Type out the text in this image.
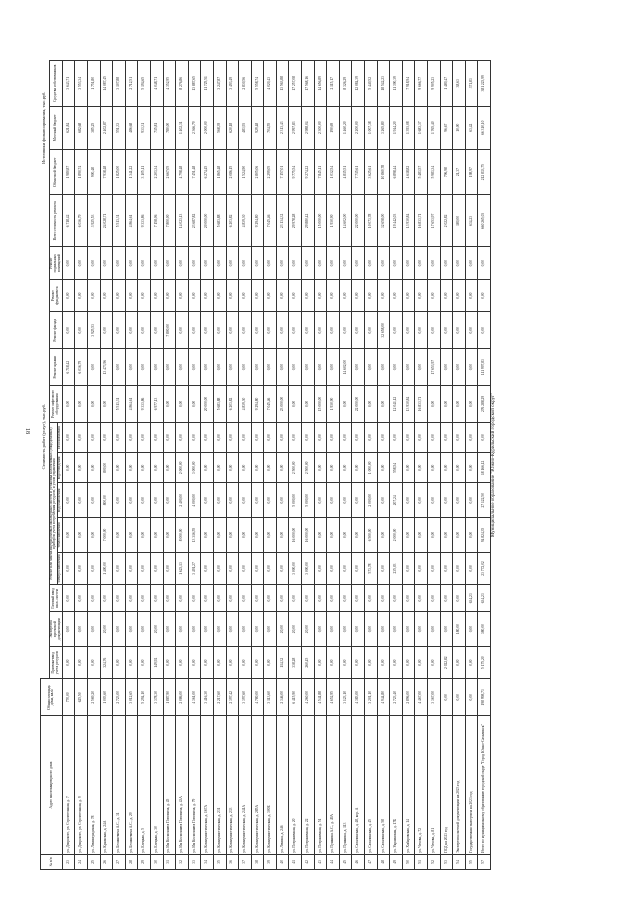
18
№ п/п	Адрес многоквартирного дома	Общая площадь дома, кв.м	Стоимость работ (услуг), тыс.руб.														Источники финансирования, тыс.руб.		
			Приемка-ввод учета ресурсов	Экспертиза проектной документации	Газовый ввод инж. систем	Ремонт или замена внутридомовых инженерных систем и установка коллективных (общедомовых) приборов учета потребления ресурсов, и узлов управления					Ремонт лифтового оборудования	Ремонт крыши	Ремонт фасада	Ремонт фундамента	Ремонт подвальных помещений	Всего стоимость ремонта	Областной бюджет	Местный бюджет	Средства собственников
						электроснабжения	теплоснабжения	водоснабжения	водоотведения	газоснабжения									
23	ул. Дзирского, ул. Строительная, д. 7	770,00	0,00	0,00	0,00	0,00	0,00	0,00	0,00	0,00	0,00	6 718,42	0,00	0,00	0,00	6 718,42	1 980,87	621,84	3 643,71
24	ул. Дзирского, ул. Строительная, д. 9	625,50	0,00	0,00	0,00	0,00	0,00	0,00	0,00	0,00	0,00	6 036,79	0,00	0,00	0,00	6 036,79	1 890,74	682,68	3 553,34
25	ул. Ленинградская, д. 78	2 569,20	0,00	0,00	0,00	0,00	0,00	0,00	0,00	0,00	0,00	0,00	3 925,53	0,00	0,00	3 925,53	900,48	385,25	1 751,80
26	ул. Крымская, д. 24А	1 003,60	324,76	20,00	0,00	1 400,00	7 000,00	800,00	800,00	0,00	0,00	13 473,96	0,00	0,00	0,00	24 028,71	7 938,48	2 402,87	14 087,45
27	ул. Беляшевича А.С., д. 31	2 723,00	0,00	0,00	0,00	0,00	0,00	0,00	0,00	0,00	5 513,31	0,00	0,00	0,00	0,00	5 513,31	1 825,00	551,33	3 107,88
28	ул. Беляшевича А.С., д. 29	3 012,65	0,00	0,00	0,00	0,00	0,00	0,00	0,00	0,00	4 864,61	0,00	0,00	0,00	0,00	4 864,61	1 341,22	486,68	2 712,51
29	ул. Елецкая, д. 5	5 294,10	0,00	0,00	0,00	0,00	0,00	0,00	0,00	0,00	9 333,86	0,00	0,00	0,00	0,00	9 333,86	3 105,11	933,31	5 194,65
30	ул. Елецкая, д. 30	3 378,30	149,92	20,00	0,00	0,00	0,00	0,00	0,00	0,00	6 977,13	0,00	0,00	0,00	0,00	7 158,06	2 203,34	715,81	4 048,71
31	ул. Им Космонавта Поповича, д. 45	1 887,90	0,00	0,00	0,00	0,00	0,00	0,00	0,00	0,00	0,00	0,00	7 800,00	0,00	0,00	7 800,00	2 667,05	780,00	4 352,95
32	ул. Им Космонавта Поповича, д. 43А	2 086,00	0,00	0,00	0,00	1 623,13	8 000,00	2 400,00	2 000,00	0,00	0,00	0,00	0,00	0,00	0,00	14 023,13	4 798,48	1 402,31	8 276,86
33	ул. Им Космонавта Поповича, д. 79	4 361,00	0,00	0,00	0,00	3 491,27	13 316,55	4 000,00	3 000,00	0,00	0,00	0,00	0,00	0,00	0,00	23 687,82	7 451,48	2 366,79	13 887,65
34	ул. Коммунистическая, д. 167А	3 416,30	0,00	0,00	0,00	0,00	0,00	0,00	0,00	0,00	20 000,00	0,00	0,00	0,00	0,00	20 000,00	6 274,45	2 000,00	11 725,51
35	ул. Коммунистическая, д. 231	2 217,60	0,00	0,00	0,00	0,00	0,00	0,00	0,00	0,00	5 683,88	0,00	0,00	0,00	0,00	5 683,88	1 865,48	568,39	3 247,87
36	ул. Коммунистическая, д. 233	2 397,42	0,00	0,00	0,00	0,00	0,00	0,00	0,00	0,00	6 203,82	0,00	0,00	0,00	0,00	6 203,82	2 086,15	620,18	3 493,49
37	ул. Коммунистическая, д. 241А	3 397,60	0,00	0,00	0,00	0,00	0,00	0,00	0,00	0,00	4 839,30	0,00	0,00	0,00	0,00	4 839,30	1 524,90	483,93	2 830,56
38	ул. Коммунистическая, д. 285А	4 780,00	0,00	0,00	0,00	0,00	0,00	0,00	0,00	0,00	9 294,80	0,00	0,00	0,00	0,00	9 294,80	2 805,06	929,48	5 558,74
39	ул. Коммунистическая, д. 300Б	3 113,60	0,00	0,00	0,00	0,00	0,00	0,00	0,00	0,00	7 045,46	0,00	0,00	0,00	0,00	7 045,46	2 299,05	704,55	4 020,43
40	ул. Ленина, д. 246	2 346,00	114,32	20,00	0,00	0,00	0,00	0,00	0,00	0,00	23 000,00	0,00	0,00	0,00	0,00	23 134,32	7 157,01	2 313,43	13 563,88
41	ул. Пограничная, д. 20	6 415,90	338,28	20,00	0,00	3 000,00	16 000,00	5 000,00	2 500,00	0,00	0,00	0,00	0,00	0,00	0,00	29 978,28	9 775,54	2 997,83	17 257,08
42	ул. Пограничная, д. 22	4 260,00	260,45	20,00	0,00	3 000,00	16 000,00	5 000,00	2 500,00	0,00	0,00	0,00	0,00	0,00	0,00	29 880,42	9 274,22	2 988,04	17 568,16
43	ул. Пограничная, д. 51	4 541,88	0,00	0,00	0,00	0,00	0,00	0,00	0,00	0,00	15 000,00	0,00	0,00	0,00	0,00	15 000,00	7 845,11	2 300,00	14 656,89
44	ул. Пушкина А.С., д. 49А	4 652,95	0,00	0,00	0,00	0,00	0,00	0,00	0,00	0,00	1 930,90	0,00	0,00	0,00	0,00	1 930,90	1 032,54	190,69	2 115,17
45	ул. Пушкина, д. 113	3 123,10	0,00	0,00	0,00	0,00	0,00	0,00	0,00	0,00	0,00	14 602,00	0,00	0,00	0,00	14 602,00	4 815,51	1 460,20	8 326,29
46	ул. Сахалинская, д. 48, кор. А	4 383,00	0,00	0,00	0,00	0,00	0,00	0,00	0,00	0,00	22 000,00	0,00	0,00	0,00	0,00	22 000,00	7 715,61	2 200,00	12 084,39
47	ул. Сахалинская, д. 45	3 201,10	0,00	0,00	0,00	573,78	6 500,00	2 000,00	1 000,00	0,00	0,00	0,00	0,00	0,00	0,00	10 073,78	3 625,61	1 007,38	5 440,52
48	ул. Сахалинская, д. 58	4 944,80	0,00	0,00	0,00	0,00	0,00	0,00	0,00	0,00	0,00	0,00	32 658,00	0,00	0,00	32 658,00	10 869,78	3 265,80	18 542,23
49	ул. Украинская, д. 17Б	2 723,40	0,00	0,00	0,00	235,03	2 000,00	207,24	558,54	0,00	12 041,12	0,00	0,00	0,00	0,00	19 442,03	6 898,44	1 944,20	11 390,39
50	ул. Хабаровская, д. 14	2 896,00	0,00	0,00	0,00	0,00	0,00	0,00	0,00	0,00	13 930,84	0,00	0,00	0,00	0,00	13 930,84	4 618,82	1 393,08	7 918,94
51	ул. Чехова, д. 72	4 467,00	0,00	0,00	0,00	0,00	0,00	0,00	0,00	0,00	16 833,71	0,00	0,00	0,00	0,00	16 833,71	5 483,57	1 683,37	9 666,77
52	ул. Чехова, д. 81	3 367,00	0,00	0,00	0,00	0,00	0,00	0,00	0,00	0,00	0,00	17 653,97	0,00	0,00	0,00	17 653,97	5 983,34	1 765,40	9 905,23
53	ПСД на 2023 год	0,00	2 022,82	0,00	0,00	0,00	0,00	0,00	0,00	0,00	0,00	0,00	0,00	0,00	0,00	2 022,82	796,98	96,67	1 480,47
54	Экспертиза сметной документации на 2023 год	0,00	0,00	180,00	0,00	0,00	0,00	0,00	0,00	0,00	0,00	0,00	0,00	0,00	0,00	180,00	21,37	10,00	38,63
55	Государственная экспертиза на 2023 год	0,00	0,00	0,00	634,23	0,00	0,00	0,00	0,00	0,00	0,00	0,00	0,00	0,00	0,00	634,23	198,97	63,42	371,83
57	Итого по муниципальному образованию городской округ "Город Южно-Сахалинск"	198 998,73	5 175,20	380,00	634,23	23 772,02	94 824,35	27 122,50	18 166,12	0,00	276 288,29	111 997,83	0,00	0,00	0,00	660 265,03	212 833,75	66 310,10	381 223,99
Муниципальное образование "Южно-Курильский городской округ"
